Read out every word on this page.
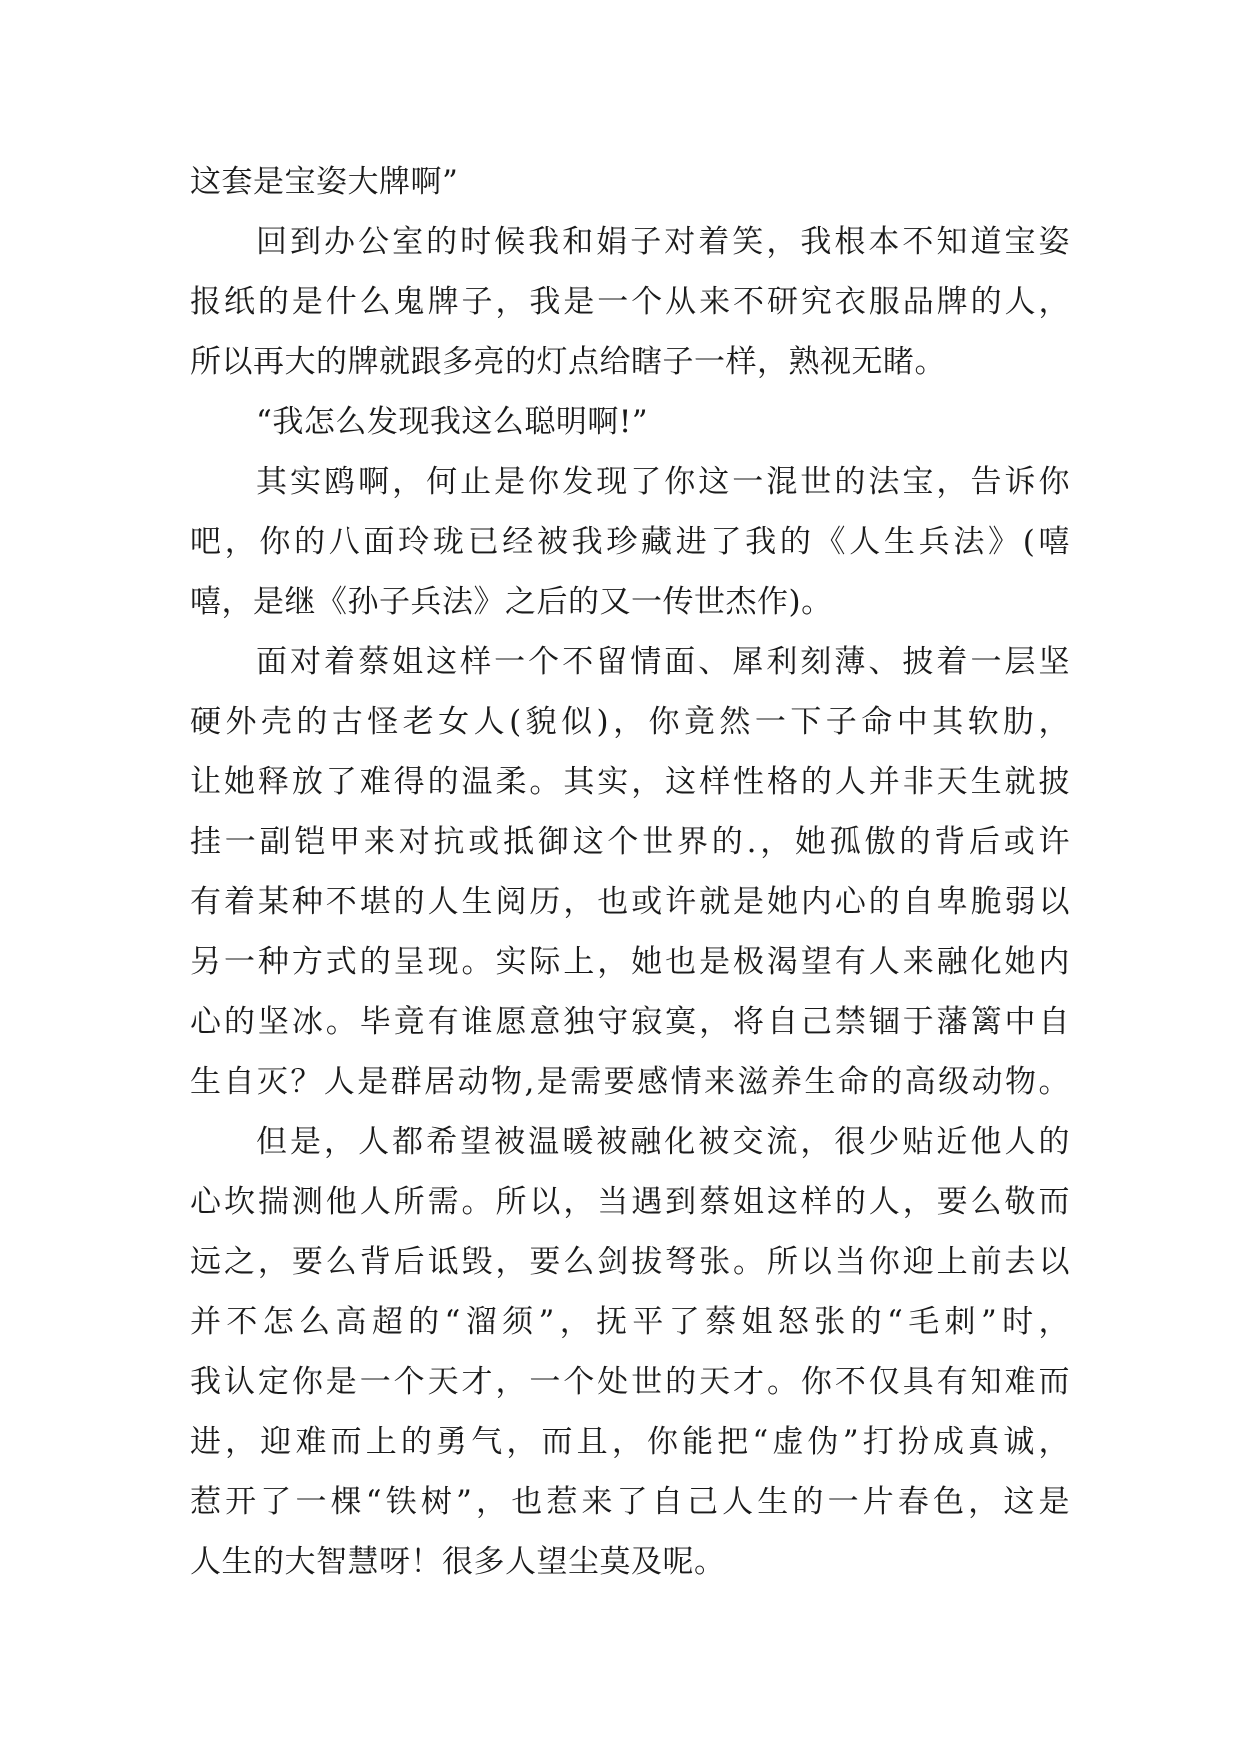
这套是宝姿大牌啊”
回到办公室的时候我和娟子对着笑，我根本不知道宝姿
报纸的是什么鬼牌子，我是一个从来不研究衣服品牌的人，
所以再大的牌就跟多亮的灯点给瞎子一样，熟视无睹。
“我怎么发现我这么聪明啊!”
其实鸥啊，何止是你发现了你这一混世的法宝，告诉你
吧，你的八面玲珑已经被我珍藏进了我的《人生兵法》(嘻
嘻，是继《孙子兵法》之后的又一传世杰作)。
面对着蔡姐这样一个不留情面、犀利刻薄、披着一层坚
硬外壳的古怪老女人(貌似)，你竟然一下子命中其软肋，
让她释放了难得的温柔。其实，这样性格的人并非天生就披
挂一副铠甲来对抗或抵御这个世界的.，她孤傲的背后或许
有着某种不堪的人生阅历，也或许就是她内心的自卑脆弱以
另一种方式的呈现。实际上，她也是极渴望有人来融化她内
心的坚冰。毕竟有谁愿意独守寂寞，将自己禁锢于藩篱中自
生自灭？人是群居动物,是需要感情来滋养生命的高级动物。
但是，人都希望被温暖被融化被交流，很少贴近他人的
心坎揣测他人所需。所以，当遇到蔡姐这样的人，要么敬而
远之，要么背后诋毁，要么剑拔弩张。所以当你迎上前去以
并不怎么高超的“溜须”，抚平了蔡姐怒张的“毛刺”时，
我认定你是一个天才，一个处世的天才。你不仅具有知难而
进，迎难而上的勇气，而且，你能把“虚伪”打扮成真诚，
惹开了一棵“铁树”，也惹来了自己人生的一片春色，这是
人生的大智慧呀！很多人望尘莫及呢。
